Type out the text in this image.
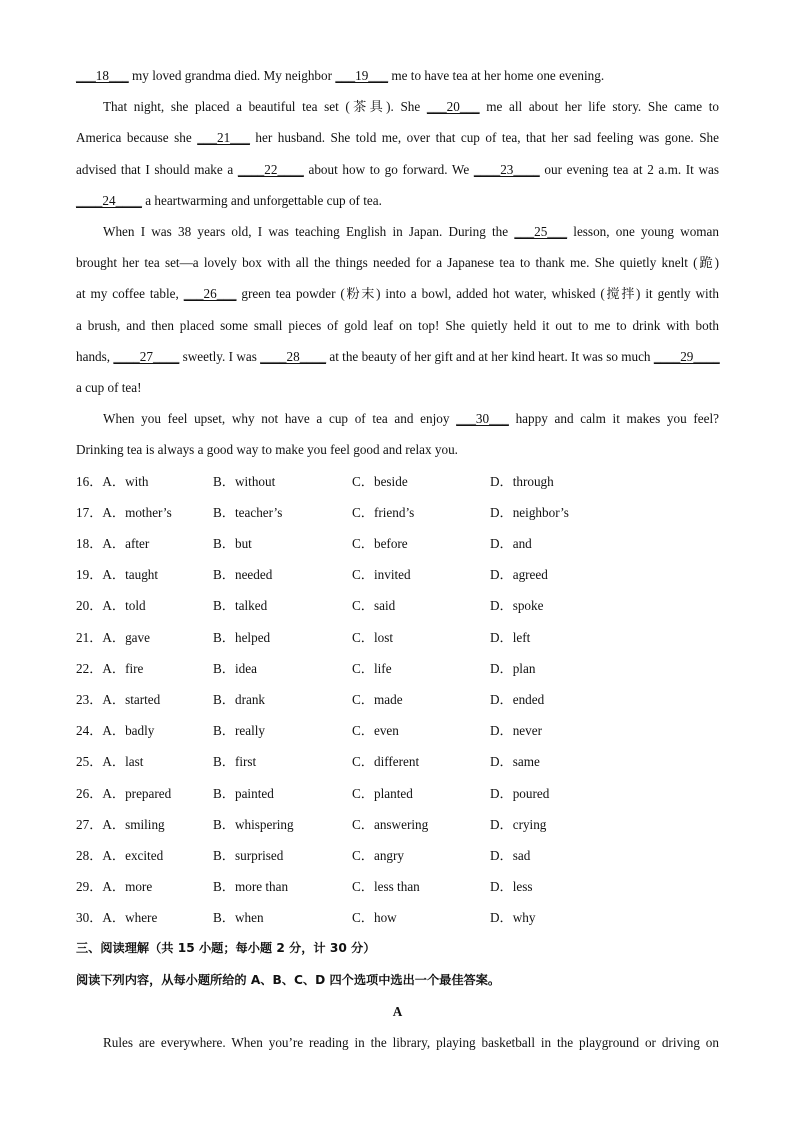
___18___ my loved grandma died. My neighbor ___19___ me to have tea at her home one evening.
That night, she placed a beautiful tea set (茶具). She ___20___ me all about her life story. She came to
America because she ___21___ her husband. She told me, over that cup of tea, that her sad feeling was gone. She
advised that I should make a ____22____ about how to go forward. We ____23____ our evening tea at 2 a.m. It was
____24____ a heartwarming and unforgettable cup of tea.
When I was 38 years old, I was teaching English in Japan. During the ___25___ lesson, one young woman
brought her tea set—a lovely box with all the things needed for a Japanese tea to thank me. She quietly knelt (跪)
at my coffee table, ___26___ green tea powder (粉末) into a bowl, added hot water, whisked (搅拌) it gently with
a brush, and then placed some small pieces of gold leaf on top! She quietly held it out to me to drink with both
hands, ____27____ sweetly. I was ____28____ at the beauty of her gift and at her kind heart. It was so much ____29____
a cup of tea!
When you feel upset, why not have a cup of tea and enjoy ___30___ happy and calm it makes you feel?
Drinking tea is always a good way to make you feel good and relax you.
16．A．with	B．without	C．beside	D．through
17．A．mother’s	B．teacher’s	C．friend’s	D．neighbor’s
18．A．after	B．but	C．before	D．and
19．A．taught	B．needed	C．invited	D．agreed
20．A．told	B．talked	C．said	D．spoke
21．A．gave	B．helped	C．lost	D．left
22．A．fire	B．idea	C．life	D．plan
23．A．started	B．drank	C．made	D．ended
24．A．badly	B．really	C．even	D．never
25．A．last	B．first	C．different	D．same
26．A．prepared	B．painted	C．planted	D．poured
27．A．smiling	B．whispering	C．answering	D．crying
28．A．excited	B．surprised	C．angry	D．sad
29．A．more	B．more than	C．less than	D．less
30．A．where	B．when	C．how	D．why
三、阅读理解（共 15 小题；每小题 2 分，计 30 分）
阅读下列内容，从每小题所给的 A、B、C、D 四个选项中选出一个最佳答案。
A
Rules are everywhere. When you’re reading in the library, playing basketball in the playground or driving on
